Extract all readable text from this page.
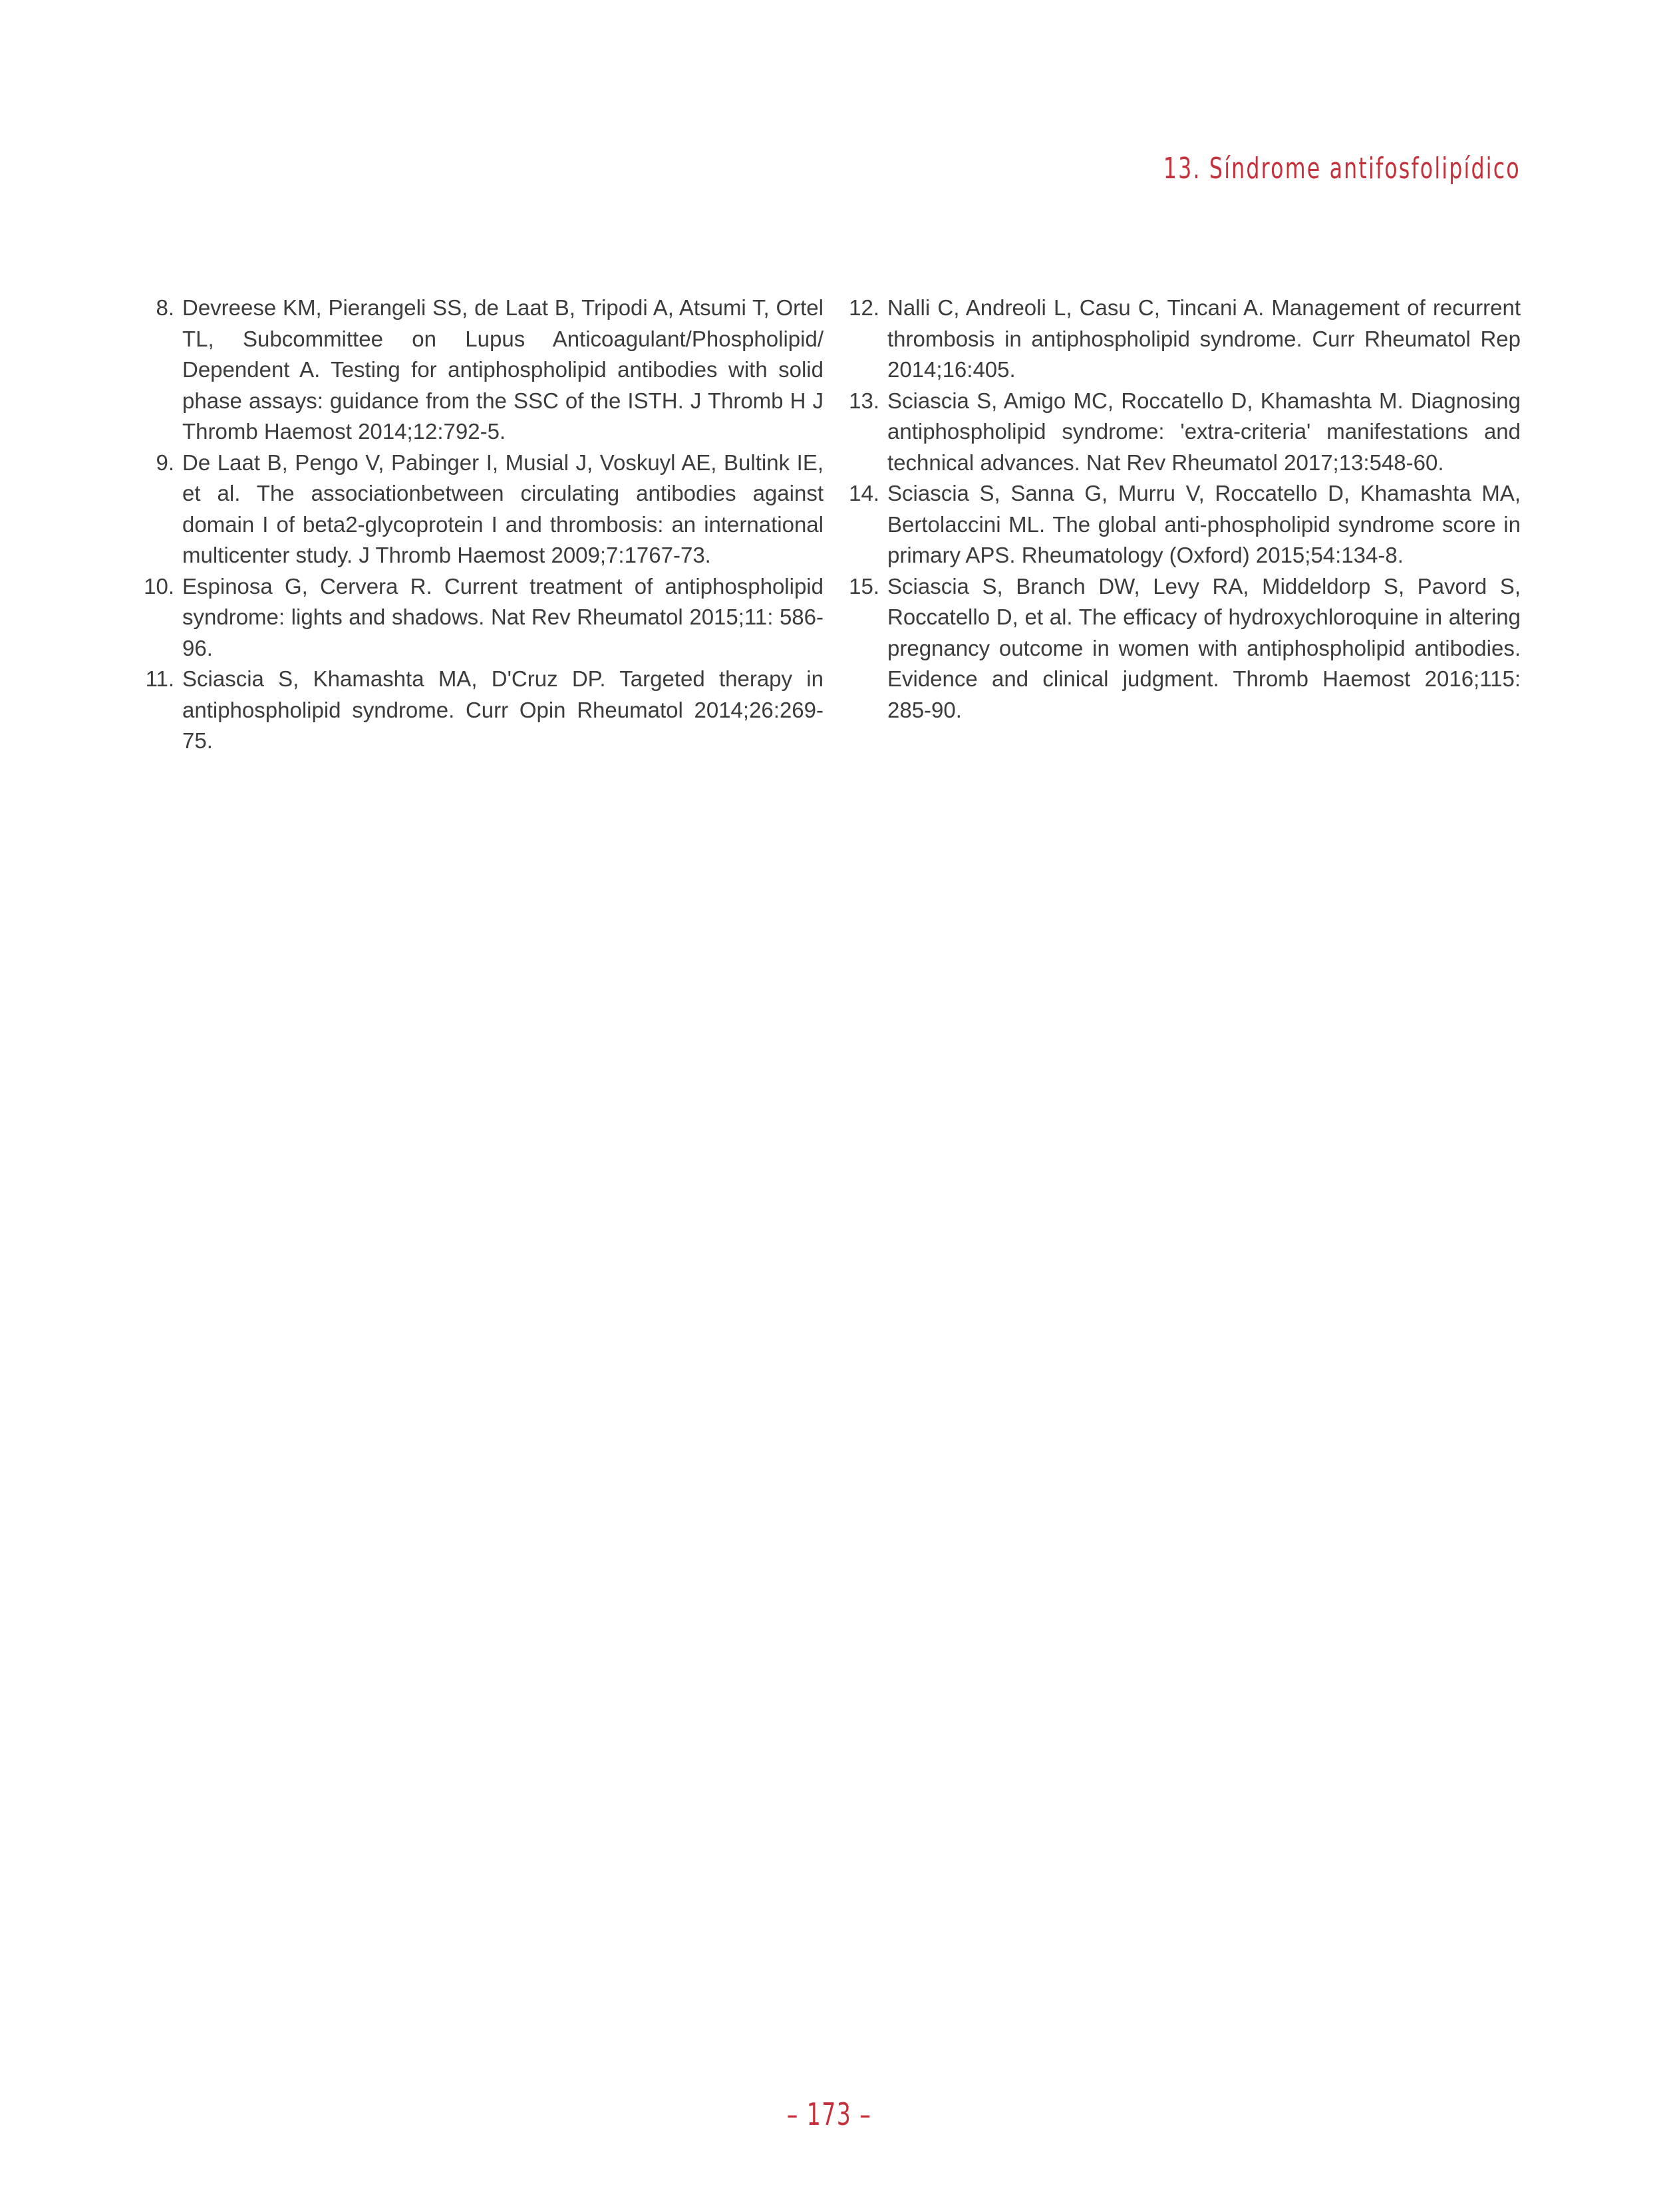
13. Síndrome antifosfolipídico
8. Devreese KM, Pierangeli SS, de Laat B, Tripodi A, Atsumi T, Ortel TL, Subcommittee on Lupus Anticoagulant/Phospholipid/ Dependent A. Testing for antiphospholipid antibodies with solid phase assays: guidance from the SSC of the ISTH. J Thromb H J Thromb Haemost 2014;12:792-5.
9. De Laat B, Pengo V, Pabinger I, Musial J, Voskuyl AE, Bultink IE, et al. The associationbetween circulating antibodies against domain I of beta2-glycoprotein I and thrombosis: an international multicenter study. J Thromb Haemost 2009;7:1767-73.
10. Espinosa G, Cervera R. Current treatment of antiphospholipid syndrome: lights and shadows. Nat Rev Rheumatol 2015;11: 586-96.
11. Sciascia S, Khamashta MA, D'Cruz DP. Targeted therapy in antiphospholipid syndrome. Curr Opin Rheumatol 2014;26:269-75.
12. Nalli C, Andreoli L, Casu C, Tincani A. Management of recurrent thrombosis in antiphospholipid syndrome. Curr Rheumatol Rep 2014;16:405.
13. Sciascia S, Amigo MC, Roccatello D, Khamashta M. Diagnosing antiphospholipid syndrome: 'extra-criteria' manifestations and technical advances. Nat Rev Rheumatol 2017;13:548-60.
14. Sciascia S, Sanna G, Murru V, Roccatello D, Khamashta MA, Bertolaccini ML. The global anti-phospholipid syndrome score in primary APS. Rheumatology (Oxford) 2015;54:134-8.
15. Sciascia S, Branch DW, Levy RA, Middeldorp S, Pavord S, Roccatello D, et al. The efficacy of hydroxychloroquine in altering pregnancy outcome in women with antiphospholipid antibodies. Evidence and clinical judgment. Thromb Haemost 2016;115: 285-90.
– 173 –
